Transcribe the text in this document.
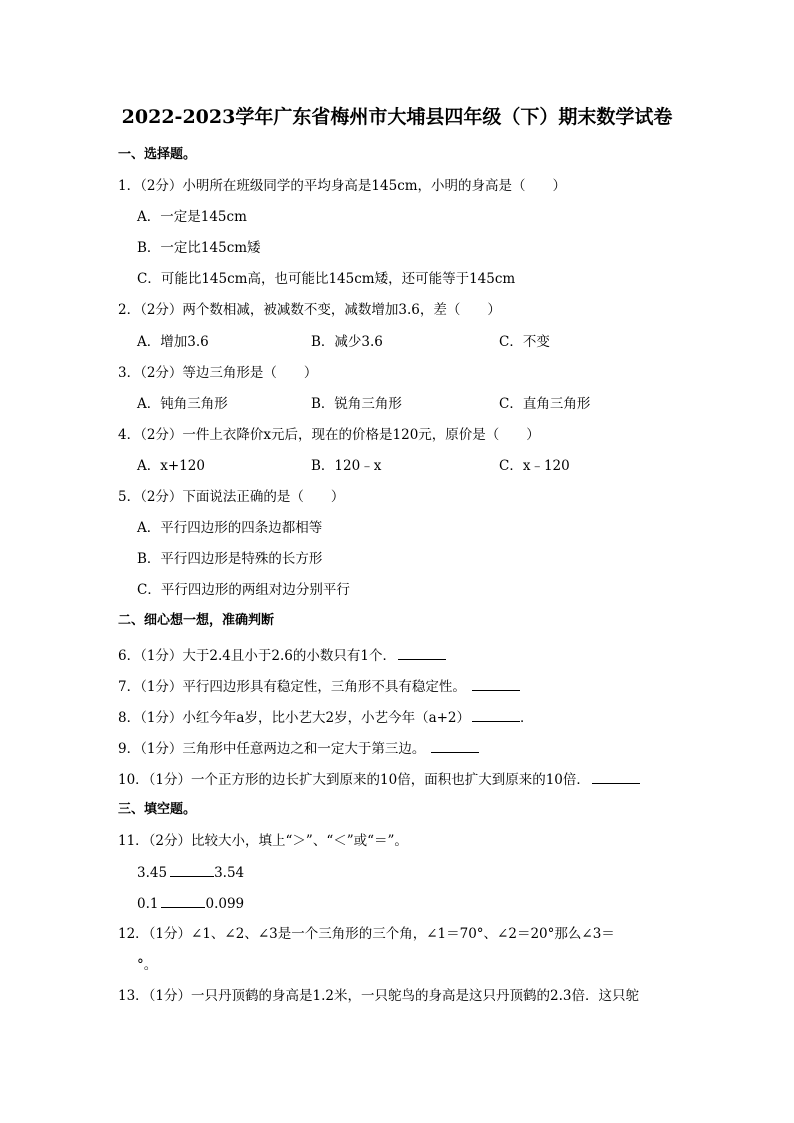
2022-2023学年广东省梅州市大埔县四年级（下）期末数学试卷
一、选择题。
1．（2分）小明所在班级同学的平均身高是145cm，小明的身高是（　　）
A．一定是145cm
B．一定比145cm矮
C．可能比145cm高，也可能比145cm矮，还可能等于145cm
2．（2分）两个数相减，被减数不变，减数增加3.6，差（　　）
A．增加3.6	B．减少3.6	C．不变
3．（2分）等边三角形是（　　）
A．钝角三角形	B．锐角三角形	C．直角三角形
4．（2分）一件上衣降价x元后，现在的价格是120元，原价是（　　）
A．x+120	B．120﹣x	C．x﹣120
5．（2分）下面说法正确的是（　　）
A．平行四边形的四条边都相等
B．平行四边形是特殊的长方形
C．平行四边形的两组对边分别平行
二、细心想一想，准确判断
6．（1分）大于2.4且小于2.6的小数只有1个．
7．（1分）平行四边形具有稳定性，三角形不具有稳定性。
8．（1分）小红今年a岁，比小艺大2岁，小艺今年（a+2）	．
9．（1分）三角形中任意两边之和一定大于第三边。
10．（1分）一个正方形的边长扩大到原来的10倍，面积也扩大到原来的10倍．
三、填空题。
11．（2分）比较大小，填上“＞”、“＜”或“＝”。
3.45	3.54
0.1	0.099
12．（1分）∠1、∠2、∠3是一个三角形的三个角，∠1＝70°、∠2＝20°那么∠3＝
°。
13．（1分）一只丹顶鹤的身高是1.2米，一只鸵鸟的身高是这只丹顶鹤的2.3倍．这只鸵
